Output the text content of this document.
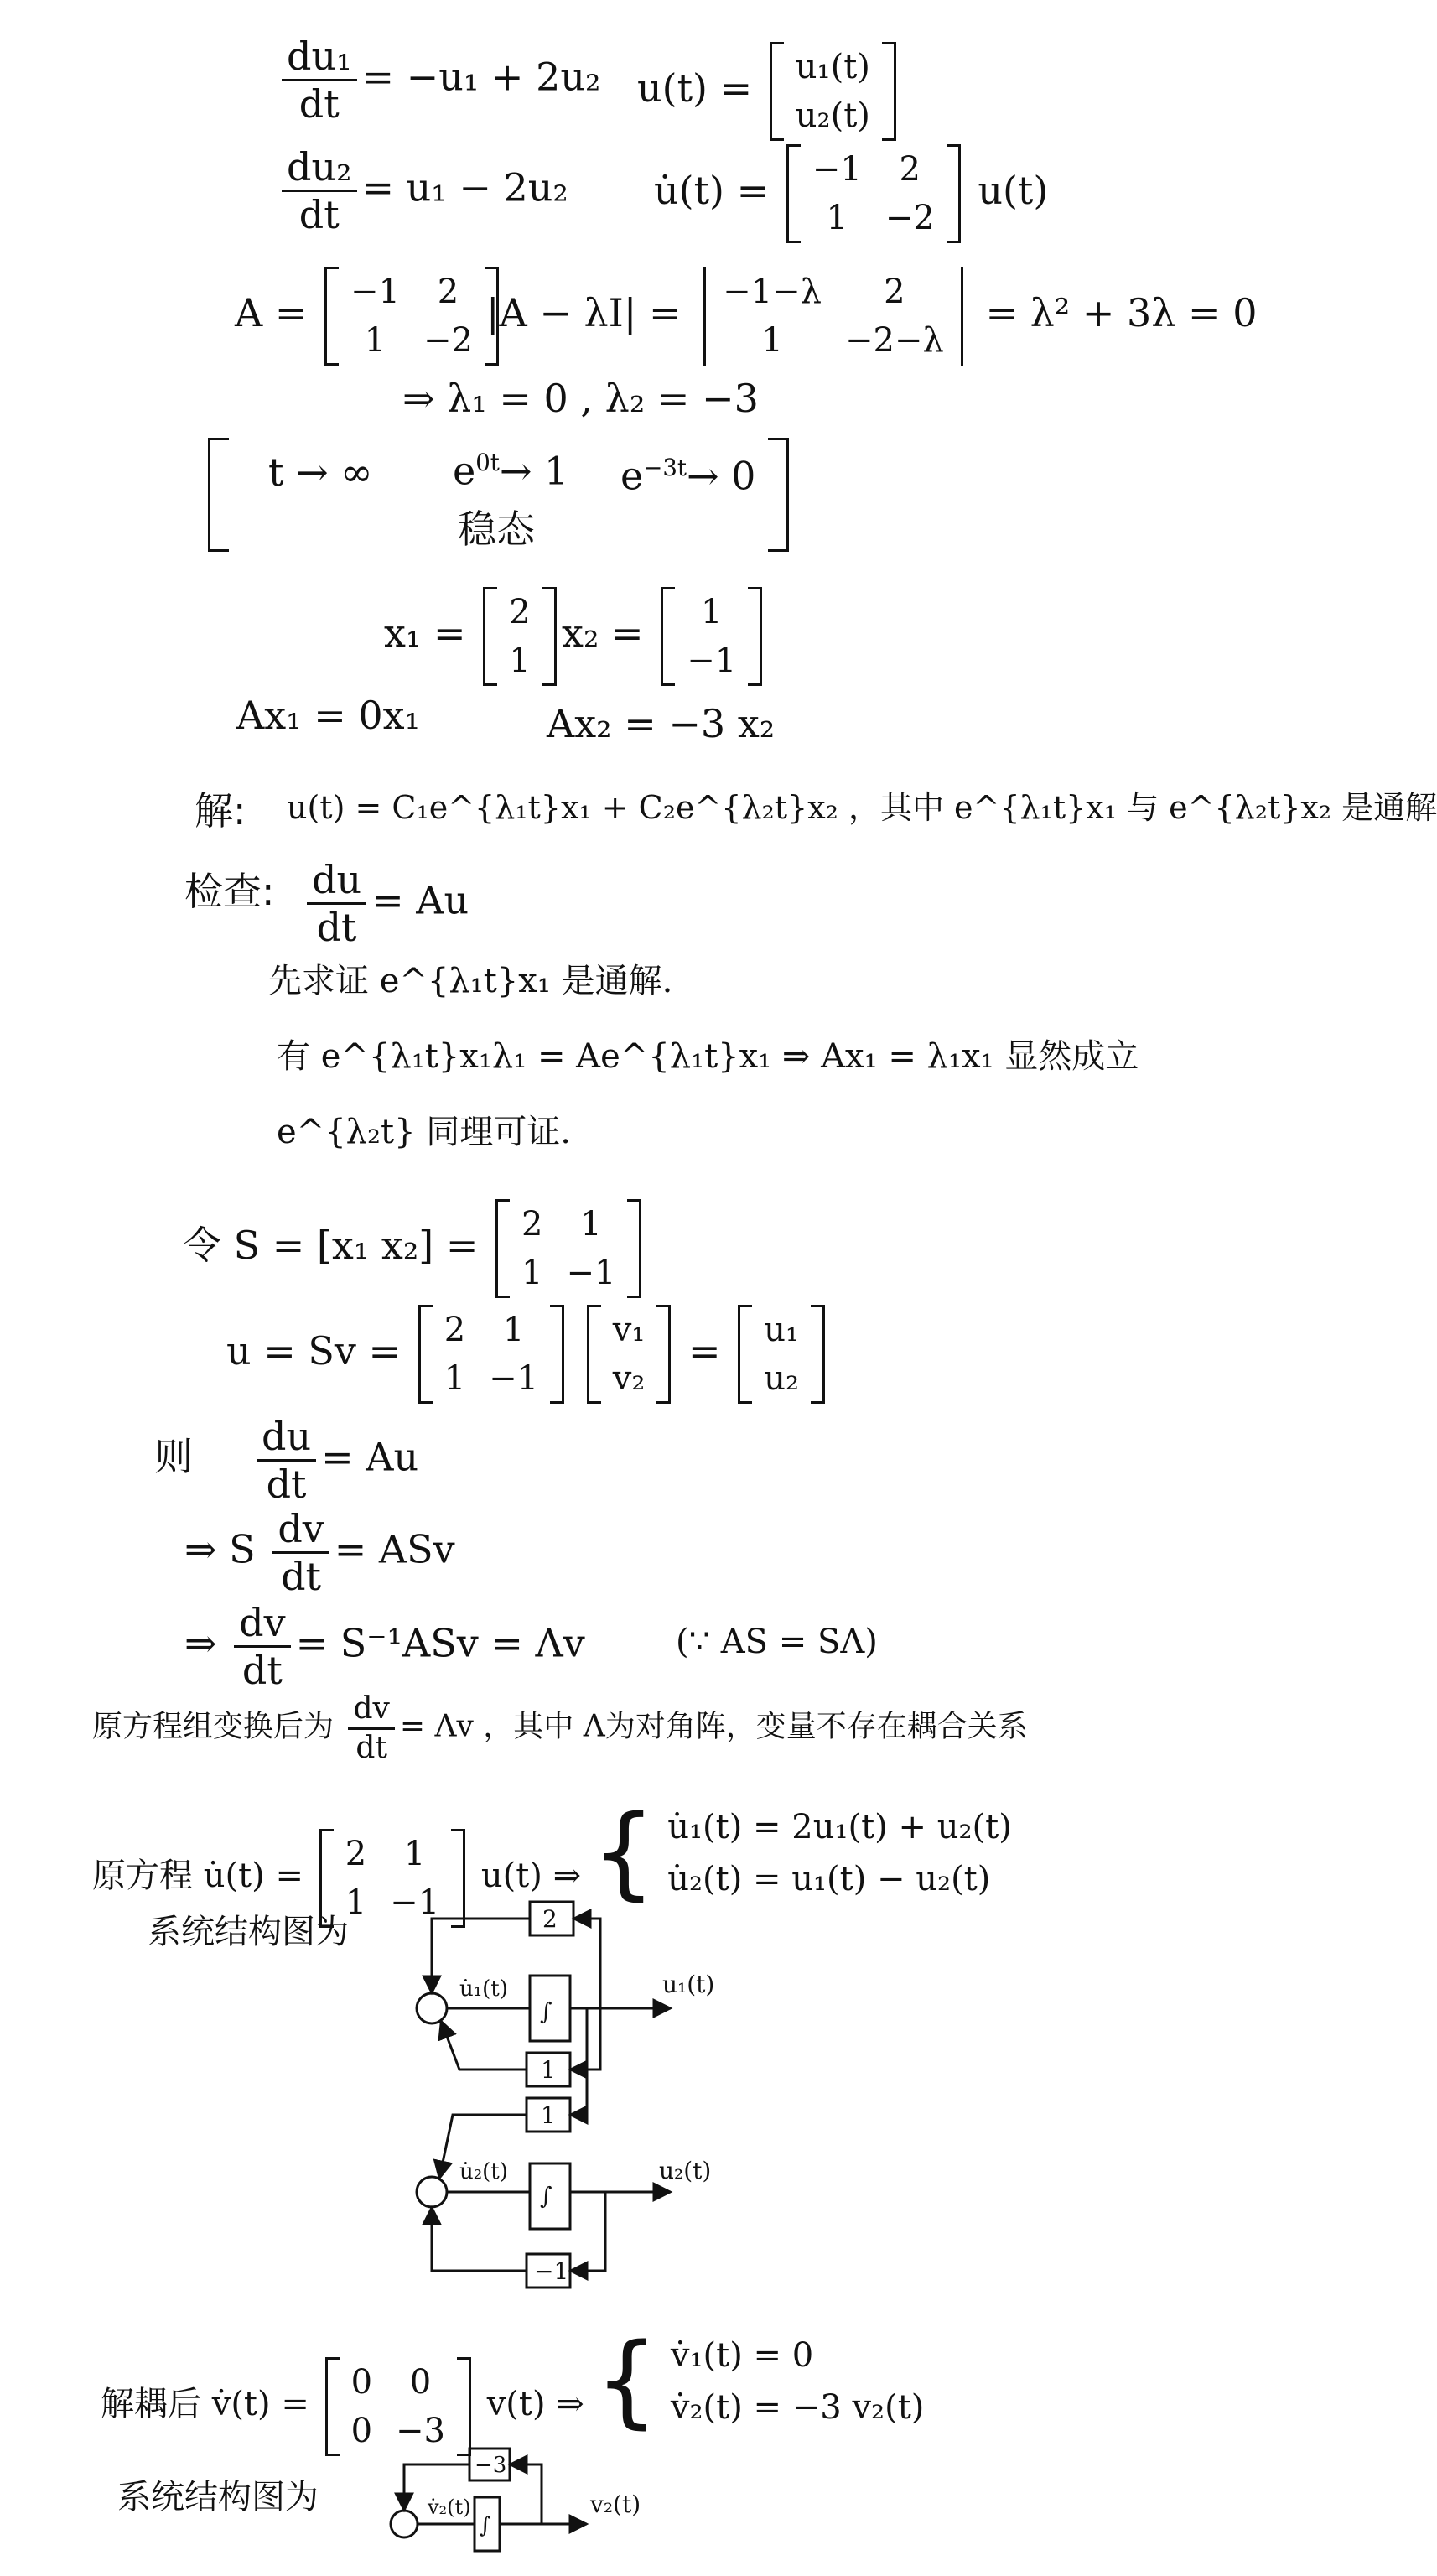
$\frac{\text{du₁}}{dt} = -u_1 + 2u_2$ u(t) = u₁(t)
u₂(t)
$\frac{\text{du₂}}{dt} = u_1 - 2u_2$ u̇(t) = −1 2
1 −2
u(t)
A = −1 2
1 −2
|A − λI| = −1−λ 2
1 −2−λ
= λ² + 3λ = 0
⇒ λ₁ = 0 , λ₂ = −3
t → ∞ $e^{0t}\to 1$ $e^{-3t}\to 0$
稳态
x₁ = 2
1
x₂ = 1
−1
Ax₁ = 0x₁	Ax₂ = −3 x₂
解: u(t) = C₁e^{λ₁t}x₁ + C₂e^{λ₂t}x₂ ，其中 e^{λ₁t}x₁ 与 e^{λ₂t}x₂ 是通解
检查: $\frac{du}{dt} = Au$
先求证 e^{λ₁t}x₁ 是通解.
有 e^{λ₁t}x₁λ₁ = Ae^{λ₁t}x₁ ⇒ Ax₁ = λ₁x₁ 显然成立
e^{λ₂t} 同理可证.
令 S = [x₁ x₂] = 2 1
1 −1
u = Sv = 2 1
1 −1

v₁
v₂
= u₁
u₂
则 $\frac{du}{dt} = Au$
⇒ S $\frac{dv}{dt}$ = ASv
⇒ $\frac{dv}{dt} = S^{-1}ASv = \Lambda v$	(∵ AS = SΛ)
原方程组变换后为 $\frac{dv}{dt} = \Lambda v$ ，其中 Λ为对角阵，变量不存在耦合关系
原方程 u̇(t) =
2 1
1 −1
u(t) ⇒ { u̇₁(t) = 2u₁(t) + u₂(t)
u̇₂(t) = u₁(t) − u₂(t)
系统结构图为	2
∫
1
1
∫
−1
u̇₁(t)	u₁(t)
u̇₂(t)	u₂(t)
解耦后 v̇(t) =
0 0
0 −3
v(t) ⇒ { v̇₁(t) = 0
v̇₂(t) = −3 v₂(t)
系统结构图为
−3
∫
v̇₂(t)	v₂(t)
